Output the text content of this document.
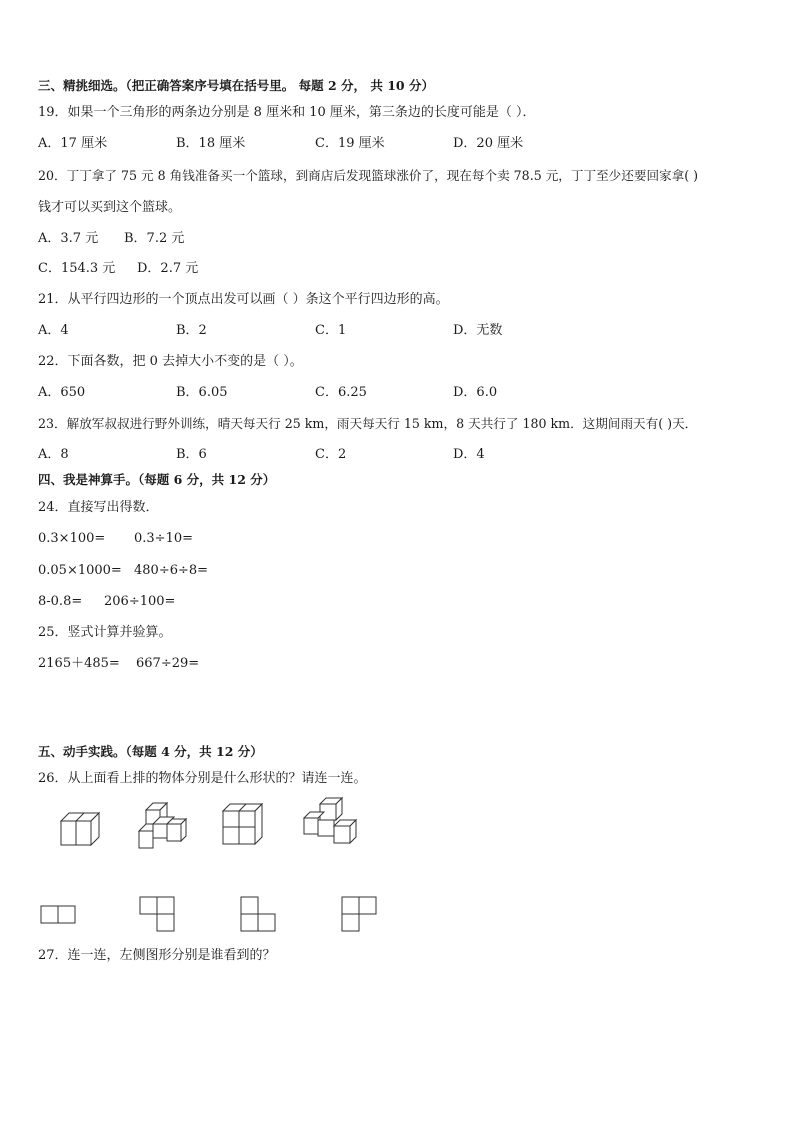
三、精挑细选。（把正确答案序号填在括号里。 每题 2 分， 共 10 分）
19．如果一个三角形的两条边分别是 8 厘米和 10 厘米，第三条边的长度可能是（ ）．
A．17 厘米	B．18 厘米	C．19 厘米	D．20 厘米
20．丁丁拿了 75 元 8 角钱准备买一个篮球，到商店后发现篮球涨价了，现在每个卖 78.5 元，丁丁至少还要回家拿( )
钱才可以买到这个篮球。
A．3.7 元 B．7.2 元
C．154.3 元 D．2.7 元
21．从平行四边形的一个顶点出发可以画（ ）条这个平行四边形的高。
A．4	B．2	C．1	D．无数
22．下面各数，把 0 去掉大小不变的是（ ）。
A．650	B．6.05	C．6.25	D．6.0
23．解放军叔叔进行野外训练，晴天每天行 25 km，雨天每天行 15 km，8 天共行了 180 km．这期间雨天有( )天．
A．8	B．6	C．2	D．4
四、我是神算手。（每题 6 分，共 12 分）
24．直接写出得数．
0.3×100= 0.3÷10=
0.05×1000= 480÷6÷8=
8-0.8= 206÷100=
25．竖式计算并验算。
2165＋485= 667÷29=
五、动手实践。（每题 4 分，共 12 分）
26．从上面看上排的物体分别是什么形状的？请连一连。
27．连一连，左侧图形分别是谁看到的？
